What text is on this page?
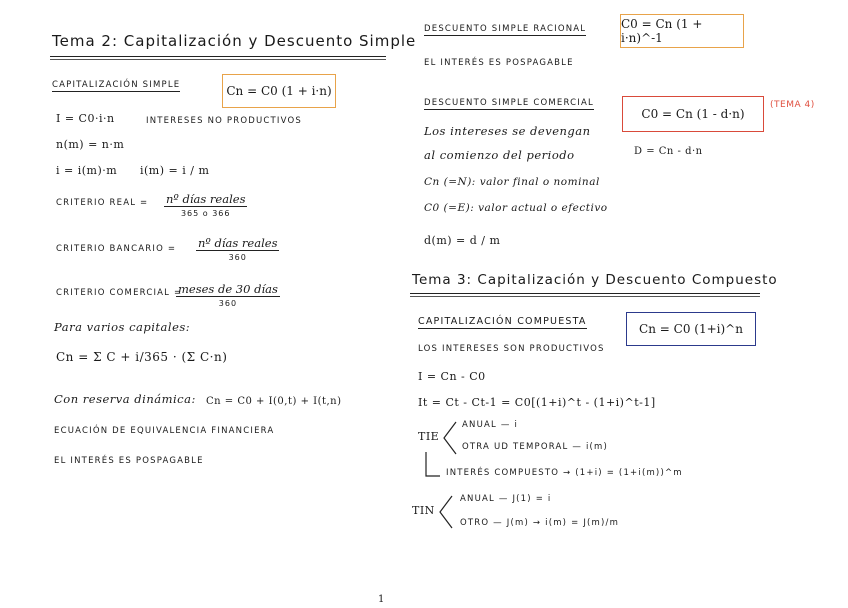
Tema 2: Capitalización y Descuento Simple
CAPITALIZACIÓN SIMPLE	Cn = C0 (1 + i·n)
I = C0·i·n	INTERESES NO PRODUCTIVOS
n(m) = n·m
i = i(m)·m i(m) = i / m
CRITERIO REAL = nº días reales
365 o 366
CRITERIO BANCARIO = nº días reales
360
CRITERIO COMERCIAL =
meses de 30 días
360
Para varios capitales:
Cn = Σ C + i/365 · (Σ C·n)
Con reserva dinámica: Cn = C0 + I(0,t) + I(t,n)
ECUACIÓN DE EQUIVALENCIA FINANCIERA
EL INTERÉS ES POSPAGABLE
DESCUENTO SIMPLE RACIONAL	C0 = Cn (1 + i·n)^-1
EL INTERÉS ES POSPAGABLE
DESCUENTO SIMPLE COMERCIAL
C0 = Cn (1 - d·n)
(TEMA 4)
Los intereses se devengan
al comienzo del periodo	D = Cn - d·n
Cn (=N): valor final o nominal
C0 (=E): valor actual o efectivo
d(m) = d / m
Tema 3: Capitalización y Descuento Compuesto
CAPITALIZACIÓN COMPUESTA
Cn = C0 (1+i)^n
LOS INTERESES SON PRODUCTIVOS
I = Cn - C0
It = Ct - Ct-1 = C0[(1+i)^t - (1+i)^t-1]
TIE
ANUAL — i
OTRA UD TEMPORAL — i(m)
INTERÉS COMPUESTO → (1+i) = (1+i(m))^m
TIN
ANUAL — J(1) = i
OTRO — J(m) → i(m) = J(m)/m
1
